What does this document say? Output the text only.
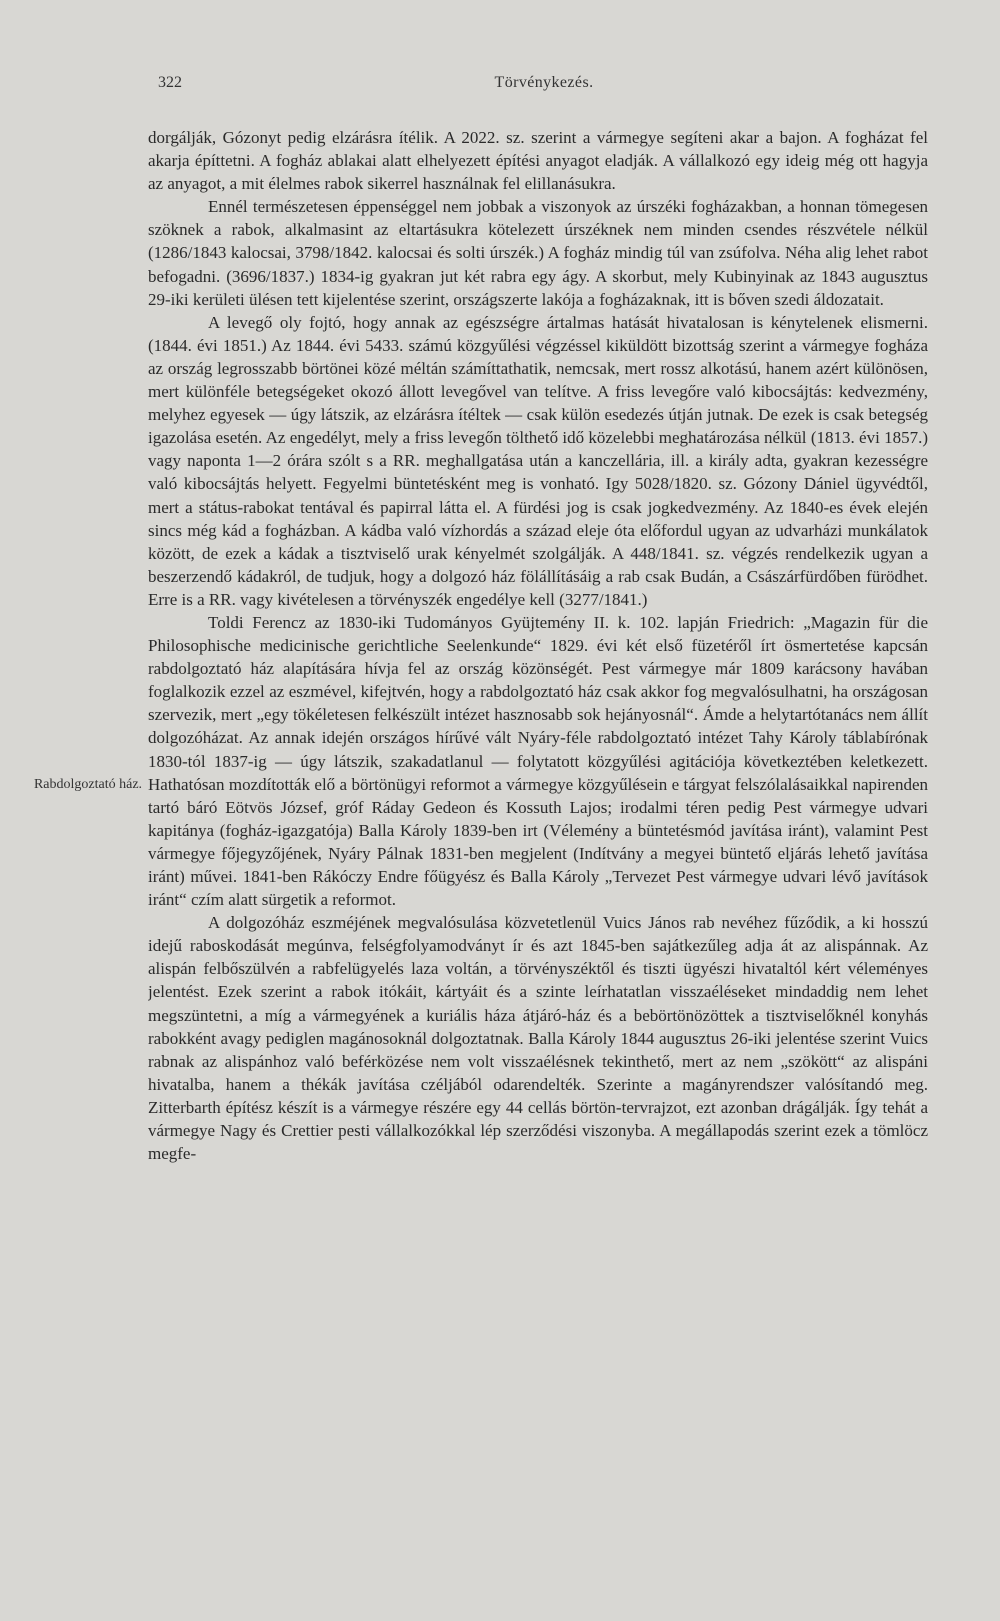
322	Törvénykezés.
Rabdolgoztató ház.

dorgálják, Gózonyt pedig elzárásra ítélik. A 2022. sz. szerint a vármegye segíteni akar a bajon. A fogházat fel akarja építtetni. A fogház ablakai alatt elhelyezett építési anyagot eladják. A vállalkozó egy ideig még ott hagyja az anyagot, a mit élelmes rabok sikerrel használnak fel elillanásukra.

Ennél természetesen éppenséggel nem jobbak a viszonyok az úrszéki fogházakban, a honnan tömegesen szöknek a rabok, alkalmasint az eltartásukra kötelezett úrszéknek nem minden csendes részvétele nélkül (1286/1843 kalocsai, 3798/1842. kalocsai és solti úrszék.) A fogház mindig túl van zsúfolva. Néha alig lehet rabot befogadni. (3696/1837.) 1834-ig gyakran jut két rabra egy ágy. A skorbut, mely Kubinyinak az 1843 augusztus 29-iki kerületi ülésen tett kijelentése szerint, országszerte lakója a fogházaknak, itt is bőven szedi áldozatait.

A levegő oly fojtó, hogy annak az egészségre ártalmas hatását hivatalosan is kénytelenek elismerni. (1844. évi 1851.) Az 1844. évi 5433. számú közgyűlési végzéssel kiküldött bizottság szerint a vármegye fogháza az ország legrosszabb börtönei közé méltán számíttathatik, nemcsak, mert rossz alkotású, hanem azért különösen, mert különféle betegségeket okozó állott levegővel van telítve. A friss levegőre való kibocsájtás: kedvezmény, melyhez egyesek — úgy látszik, az elzárásra ítéltek — csak külön esedezés útján jutnak. De ezek is csak betegség igazolása esetén. Az engedélyt, mely a friss levegőn tölthető idő közelebbi meghatározása nélkül (1813. évi 1857.) vagy naponta 1—2 órára szólt s a RR. meghallgatása után a kanczellária, ill. a király adta, gyakran kezességre való kibocsájtás helyett. Fegyelmi büntetésként meg is vonható. Igy 5028/1820. sz. Gózony Dániel ügyvédtől, mert a státus-rabokat tentával és papirral látta el. A fürdési jog is csak jogkedvezmény. Az 1840-es évek elején sincs még kád a fogházban. A kádba való vízhordás a század eleje óta előfordul ugyan az udvarházi munkálatok között, de ezek a kádak a tisztviselő urak kényelmét szolgálják. A 448/1841. sz. végzés rendelkezik ugyan a beszerzendő kádakról, de tudjuk, hogy a dolgozó ház fölállításáig a rab csak Budán, a Császárfürdőben fürödhet. Erre is a RR. vagy kivételesen a törvényszék engedélye kell (3277/1841.)

Toldi Ferencz az 1830-iki Tudományos Gyüjtemény II. k. 102. lapján Friedrich: „Magazin für die Philosophische medicinische gerichtliche Seelenkunde“ 1829. évi két első füzetéről írt ösmertetése kapcsán rabdolgoztató ház alapítására hívja fel az ország közönségét. Pest vármegye már 1809 karácsony havában foglalkozik ezzel az eszmével, kifejtvén, hogy a rabdolgoztató ház csak akkor fog megvalósulhatni, ha országosan szervezik, mert „egy tökéletesen felkészült intézet hasznosabb sok hejányosnál“. Ámde a helytartótanács nem állít dolgozóházat. Az annak idején országos hírűvé vált Nyáry-féle rabdolgoztató intézet Tahy Károly táblabírónak 1830-tól 1837-ig — úgy látszik, szakadatlanul — folytatott közgyűlési agitációja következtében keletkezett. Hathatósan mozdították elő a börtönügyi reformot a vármegye közgyűlésein e tárgyat felszólalásaikkal napirenden tartó báró Eötvös József, gróf Ráday Gedeon és Kossuth Lajos; irodalmi téren pedig Pest vármegye udvari kapitánya (fogház-igazgatója) Balla Károly 1839-ben irt (Vélemény a büntetésmód javítása iránt), valamint Pest vármegye főjegyzőjének, Nyáry Pálnak 1831-ben megjelent (Indítvány a megyei büntető eljárás lehető javítása iránt) művei. 1841-ben Rákóczy Endre főügyész és Balla Károly „Tervezet Pest vármegye udvari lévő javítások iránt“ czím alatt sürgetik a reformot.

A dolgozóház eszméjének megvalósulása közvetetlenül Vuics János rab nevéhez fűződik, a ki hosszú idejű raboskodását megúnva, felségfolyamodványt ír és azt 1845-ben sajátkezűleg adja át az alispánnak. Az alispán felbőszülvén a rabfelügyelés laza voltán, a törvényszéktől és tiszti ügyészi hivataltól kért véleményes jelentést. Ezek szerint a rabok itókáit, kártyáit és a szinte leírhatatlan visszaéléseket mindaddig nem lehet megszüntetni, a míg a vármegyének a kuriális háza átjáró-ház és a bebörtönözöttek a tisztviselőknél konyhás rabokként avagy pediglen magánosoknál dolgoztatnak. Balla Károly 1844 augusztus 26-iki jelentése szerint Vuics rabnak az alispánhoz való beférközése nem volt visszaélésnek tekinthető, mert az nem „szökött“ az alispáni hivatalba, hanem a thékák javítása czéljából odarendelték. Szerinte a magányrendszer valósítandó meg. Zitterbarth építész készít is a vármegye részére egy 44 cellás börtön-tervrajzot, ezt azonban drágálják. Így tehát a vármegye Nagy és Crettier pesti vállalkozókkal lép szerződési viszonyba. A megállapodás szerint ezek a tömlöcz megfe-
